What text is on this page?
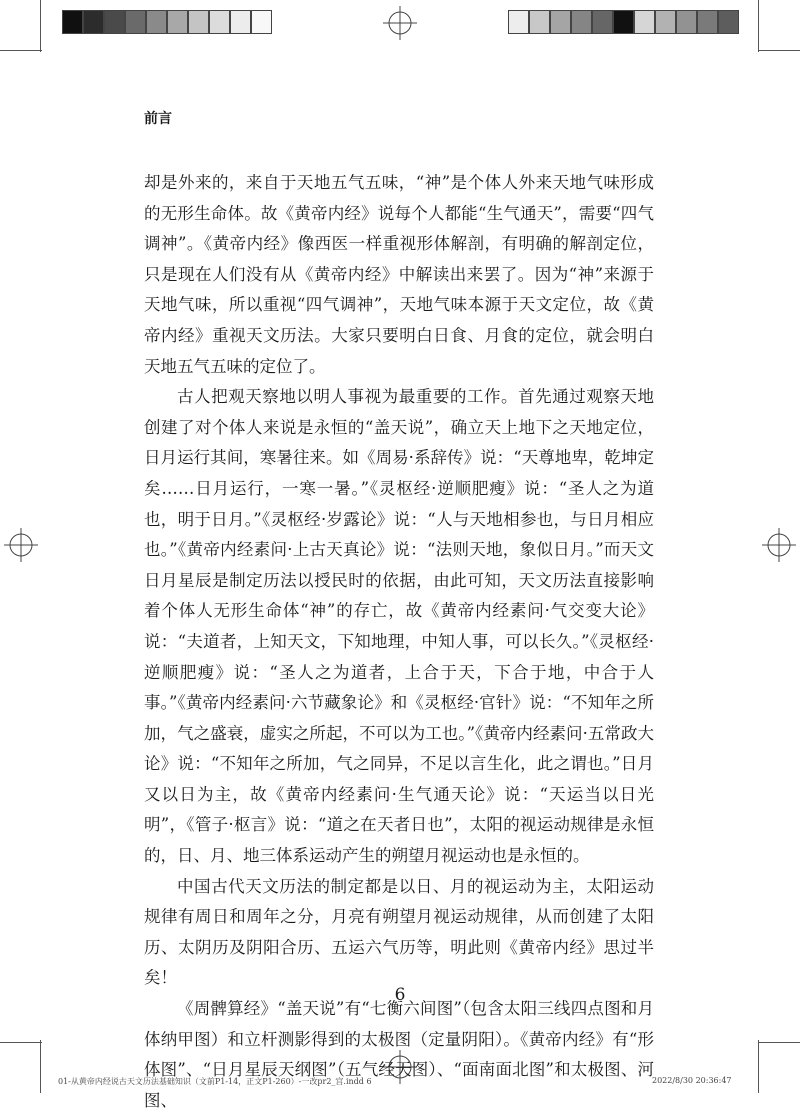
前言

却是外来的，来自于天地五气五味，“神”是个体人外来天地气味形成的无形生命体。故《黄帝内经》说每个人都能“生气通天”，需要“四气调神”。《黄帝内经》像西医一样重视形体解剖，有明确的解剖定位，只是现在人们没有从《黄帝内经》中解读出来罢了。因为“神”来源于天地气味，所以重视“四气调神”，天地气味本源于天文定位，故《黄帝内经》重视天文历法。大家只要明白日食、月食的定位，就会明白天地五气五味的定位了。

古人把观天察地以明人事视为最重要的工作。首先通过观察天地创建了对个体人来说是永恒的“盖天说”，确立天上地下之天地定位，日月运行其间，寒暑往来。如《周易·系辞传》说：“天尊地卑，乾坤定矣……日月运行，一寒一暑。”《灵枢经·逆顺肥瘦》说：“圣人之为道也，明于日月。”《灵枢经·岁露论》说：“人与天地相参也，与日月相应也。”《黄帝内经素问·上古天真论》说：“法则天地，象似日月。”而天文日月星辰是制定历法以授民时的依据，由此可知，天文历法直接影响着个体人无形生命体“神”的存亡，故《黄帝内经素问·气交变大论》说：“夫道者，上知天文，下知地理，中知人事，可以长久。”《灵枢经·逆顺肥瘦》说：“圣人之为道者，上合于天，下合于地，中合于人事。”《黄帝内经素问·六节藏象论》和《灵枢经·官针》说：“不知年之所加，气之盛衰，虚实之所起，不可以为工也。”《黄帝内经素问·五常政大论》说：“不知年之所加，气之同异，不足以言生化，此之谓也。”日月又以日为主，故《黄帝内经素问·生气通天论》说：“天运当以日光明”，《管子·枢言》说：“道之在天者日也”，太阳的视运动规律是永恒的，日、月、地三体系运动产生的朔望月视运动也是永恒的。

中国古代天文历法的制定都是以日、月的视运动为主，太阳运动规律有周日和周年之分，月亮有朔望月视运动规律，从而创建了太阳历、太阴历及阴阳合历、五运六气历等，明此则《黄帝内经》思过半矣！

《周髀算经》“盖天说”有“七衡六间图”（包含太阳三线四点图和月体纳甲图）和立杆测影得到的太极图（定量阴阳）。《黄帝内经》有“形体图”、“日月星辰天纲图”（五气经天图）、“面南面北图”和太极图、河图、

6
01-从黄帝内经说古天文历法基础知识（文前P1-14，正文P1-260）-一改pr2_宫.indd 6	2022/8/30 20:36:47
